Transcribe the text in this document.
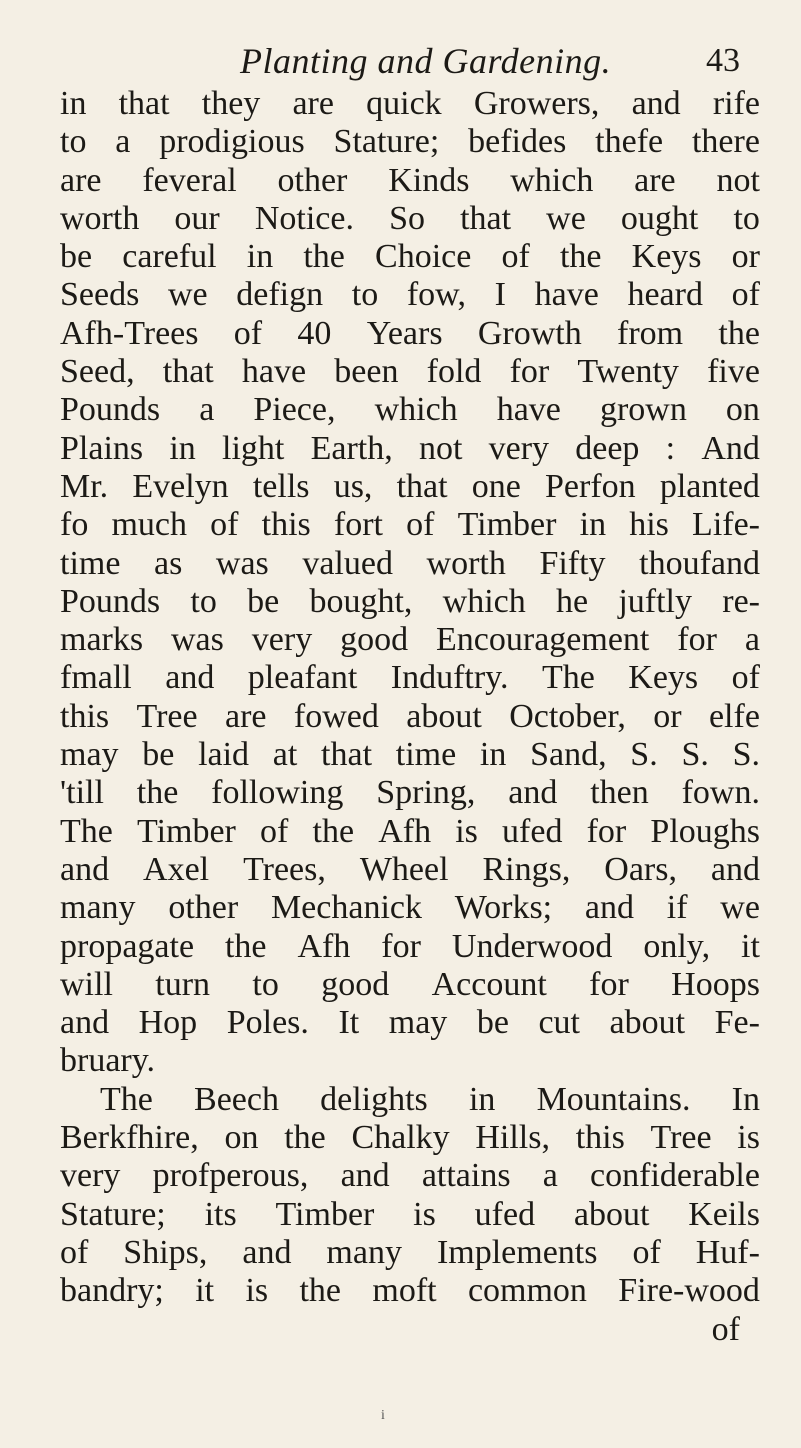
Planting and Gardening.	43
in that they are quick Growers, and rife
to a prodigious Stature; befides thefe there
are feveral other Kinds which are not
worth our Notice. So that we ought to
be careful in the Choice of the Keys or
Seeds we defign to fow, I have heard of
Afh-Trees of 40 Years Growth from the
Seed, that have been fold for Twenty five
Pounds a Piece, which have grown on
Plains in light Earth, not very deep : And
Mr. Evelyn tells us, that one Perfon planted
fo much of this fort of Timber in his Life-
time as was valued worth Fifty thoufand
Pounds to be bought, which he juftly re-
marks was very good Encouragement for a
fmall and pleafant Induftry. The Keys of
this Tree are fowed about October, or elfe
may be laid at that time in Sand, S. S. S.
'till the following Spring, and then fown.
The Timber of the Afh is ufed for Ploughs
and Axel Trees, Wheel Rings, Oars, and
many other Mechanick Works; and if we
propagate the Afh for Underwood only, it
will turn to good Account for Hoops
and Hop Poles. It may be cut about Fe-
bruary.
The Beech delights in Mountains. In
Berkfhire, on the Chalky Hills, this Tree is
very profperous, and attains a confiderable
Stature; its Timber is ufed about Keils
of Ships, and many Implements of Huf-
bandry; it is the moft common Fire-wood
of
i
